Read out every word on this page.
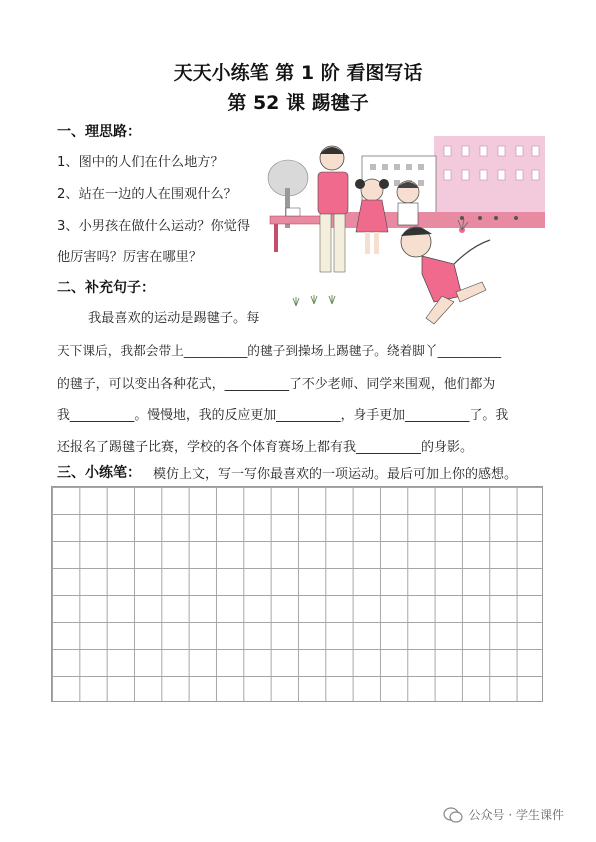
天天小练笔 第 1 阶 看图写话
第 52 课 踢毽子
一、理思路：
1、图中的人们在什么地方？
2、站在一边的人在围观什么？
3、小男孩在做什么运动？你觉得
他厉害吗？厉害在哪里？
二、补充句子：
我最喜欢的运动是踢毽子。每
天下课后，我都会带上__________的毽子到操场上踢毽子。绕着脚丫__________
的毽子，可以变出各种花式，__________了不少老师、同学来围观，他们都为
我__________。慢慢地，我的反应更加__________，身手更加__________了。我
还报名了踢毽子比赛，学校的各个体育赛场上都有我__________的身影。
三、小练笔： 模仿上文，写一写你最喜欢的一项运动。最后可加上你的感想。
公众号 · 学生课件
